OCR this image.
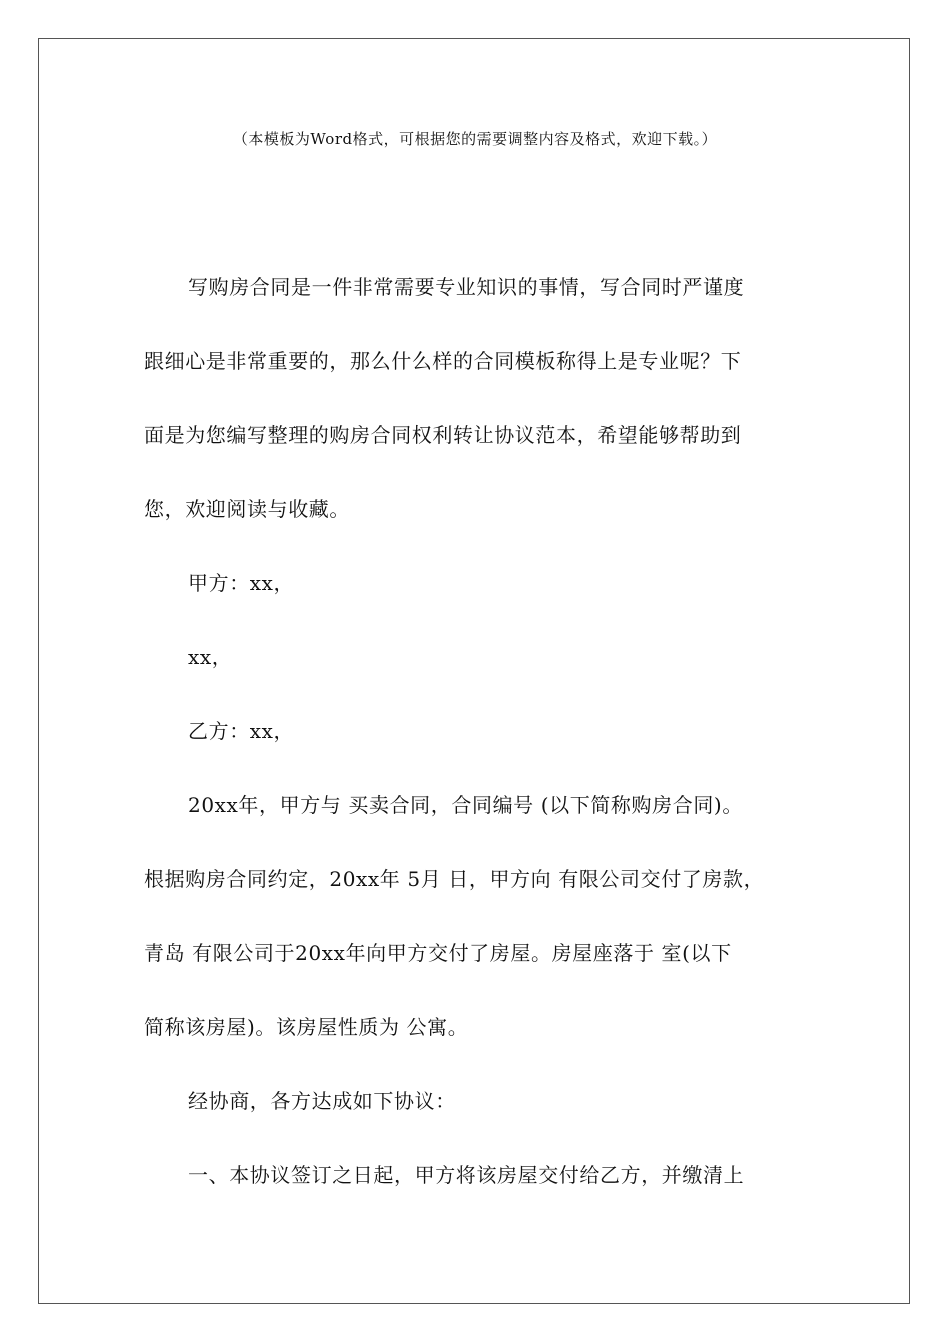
（本模板为Word格式，可根据您的需要调整内容及格式，欢迎下载。）
写购房合同是一件非常需要专业知识的事情，写合同时严谨度
跟细心是非常重要的，那么什么样的合同模板称得上是专业呢？下
面是为您编写整理的购房合同权利转让协议范本，希望能够帮助到
您，欢迎阅读与收藏。
甲方：xx，
xx，
乙方：xx，
20xx年，甲方与 买卖合同，合同编号 (以下简称购房合同)。
根据购房合同约定，20xx年 5月 日，甲方向 有限公司交付了房款，
青岛 有限公司于20xx年向甲方交付了房屋。房屋座落于 室(以下
简称该房屋)。该房屋性质为 公寓。
经协商，各方达成如下协议：
一、本协议签订之日起，甲方将该房屋交付给乙方，并缴清上
